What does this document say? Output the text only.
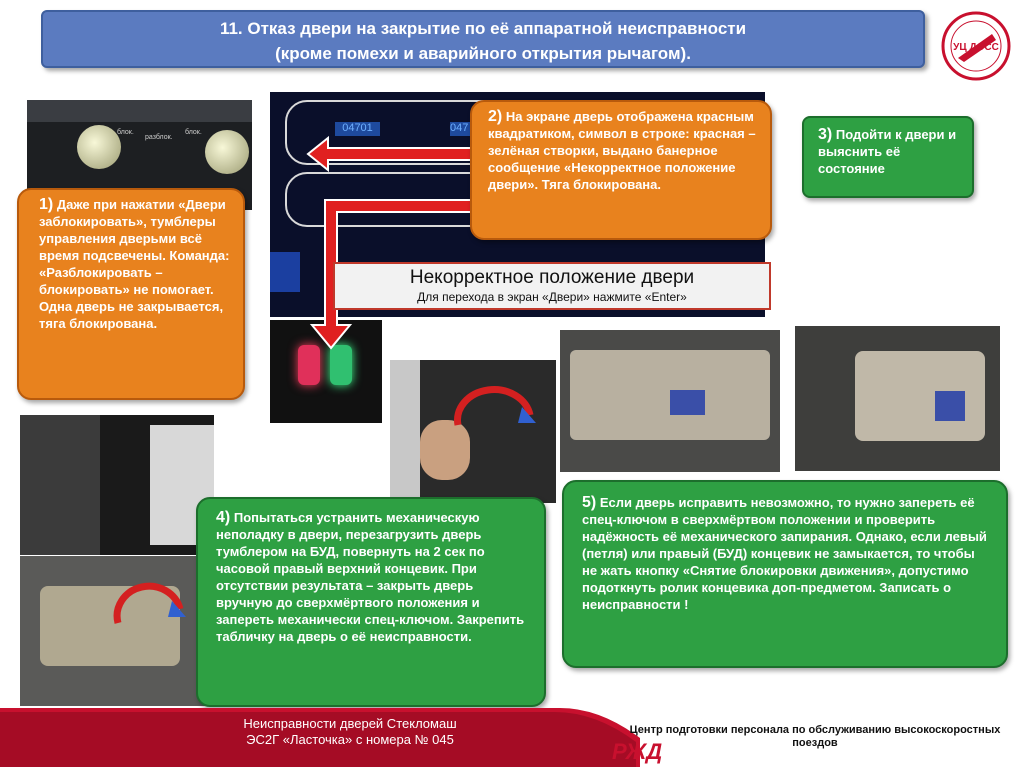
11. Отказ двери на закрытие по её аппаратной неисправности
(кроме помехи и аварийного открытия рычагом).	УЦ ДОСС
блок.
разблок.
блок.	04701	047
Некорректное положение двери
Для перехода в экран «Двери» нажмите «Enter»
1) Даже при нажатии «Двери заблокировать», тумблеры управления дверьми всё время подсвечены. Команда: «Разблокировать – блокировать» не помогает. Одна дверь не закрывается, тяга блокирована.
2) На экране дверь отображена красным квадратиком, символ в строке: красная – зелёная створки, выдано банерное сообщение «Некорректное положение двери». Тяга блокирована.
3) Подойти к двери и выяснить её состояние
4) Попытаться устранить механическую неполадку в двери, перезагрузить дверь тумблером на БУД, повернуть на 2 сек по часовой правый верхний концевик. При отсутствии результата – закрыть дверь вручную до сверхмёртвого положения и запереть механически спец-ключом. Закрепить табличку на дверь о её неисправности.
5) Если дверь исправить невозможно, то нужно запереть её спец-ключом в сверхмёртвом положении и проверить надёжность её механического запирания. Однако, если левый (петля) или правый (БУД) концевик не замыкается, то чтобы не жать кнопку «Снятие блокировки движения», допустимо подоткнуть ролик концевика доп-предметом. Записать о неисправности !
Неисправности дверей Стекломаш
ЭС2Г «Ласточка» с номера № 045
Центр подготовки персонала по обслуживанию высокоскоростных
поездов
РЖД
